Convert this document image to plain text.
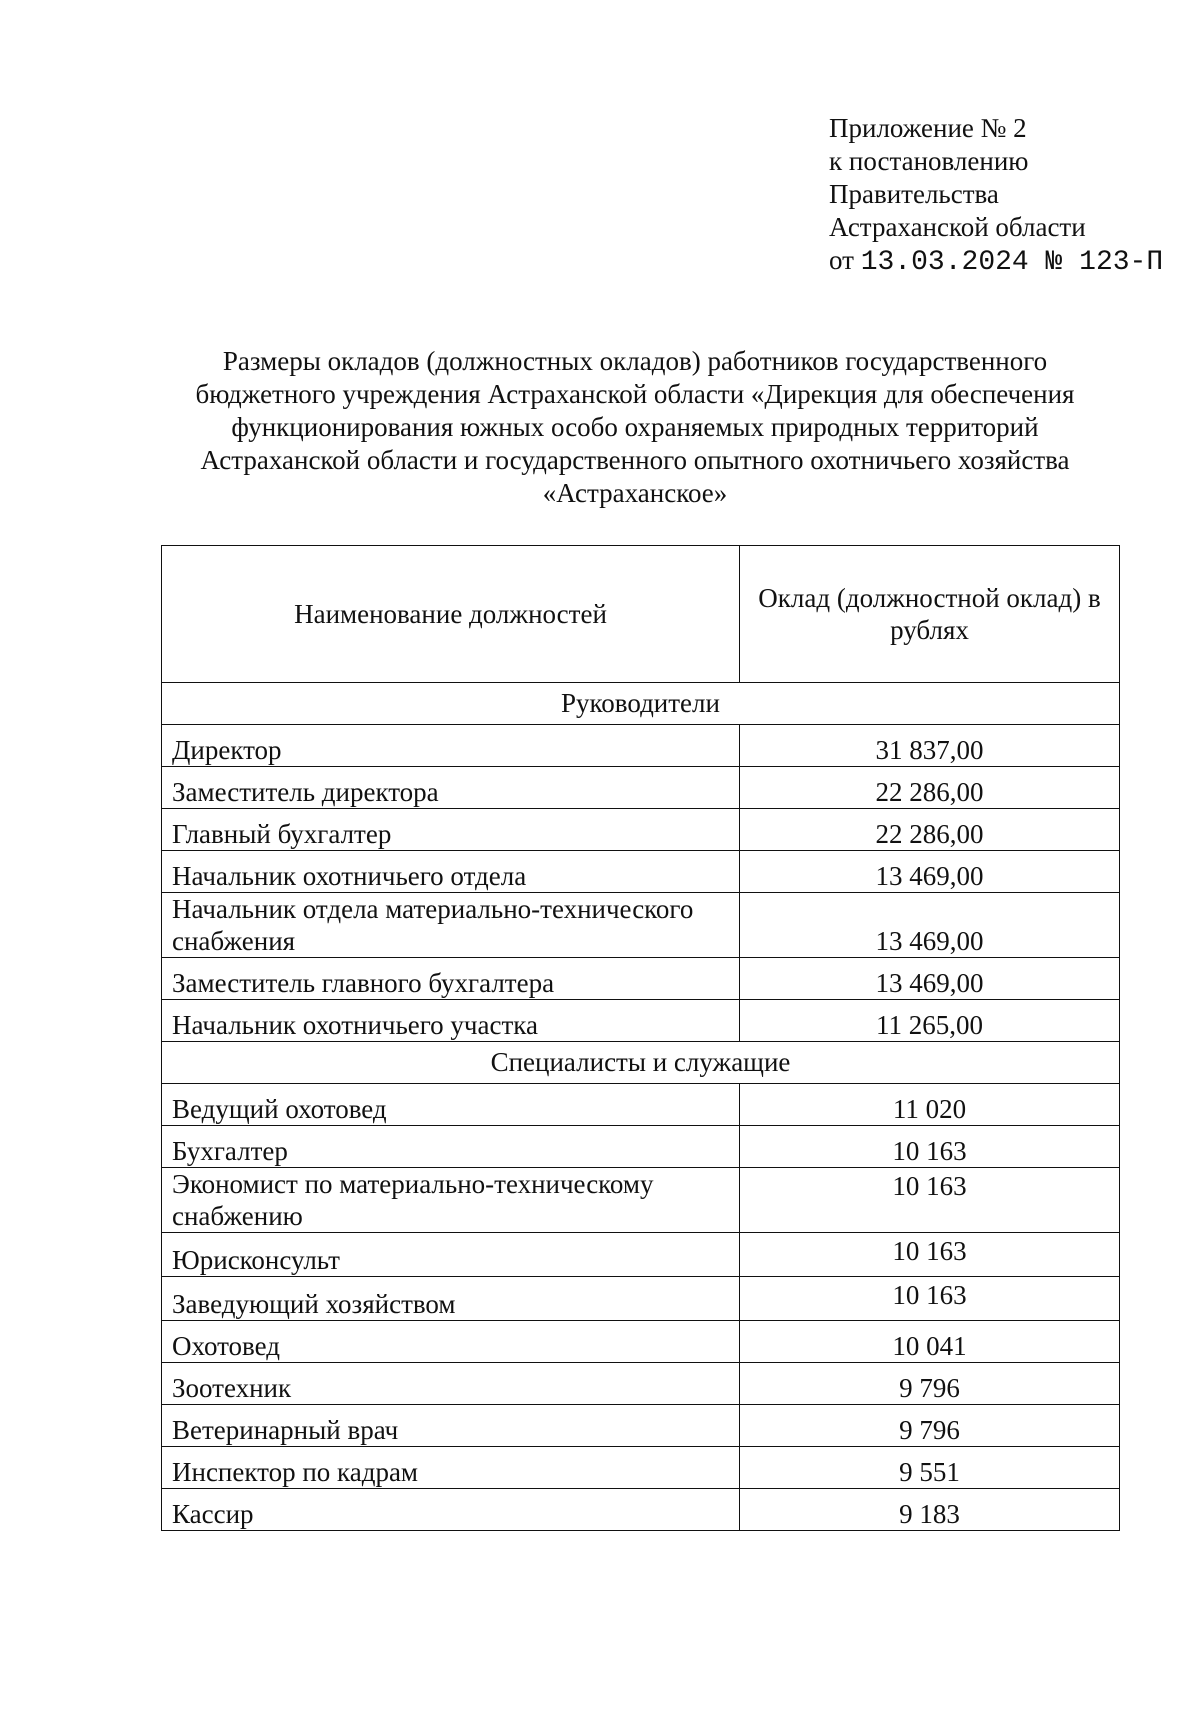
Приложение № 2
к постановлению
Правительства
Астраханской области
от 13.03.2024 № 123-П
Размеры окладов (должностных окладов) работников государственного бюджетного учреждения Астраханской области «Дирекция для обеспечения функционирования южных особо охраняемых природных территорий Астраханской области и государственного опытного охотничьего хозяйства «Астраханское»
Наименование должностей	Оклад (должностной оклад) в рублях
Руководители	
Директор	31 837,00
Заместитель директора	22 286,00
Главный бухгалтер	22 286,00
Начальник охотничьего отдела	13 469,00
Начальник отдела материально-технического снабжения	13 469,00
Заместитель главного бухгалтера	13 469,00
Начальник охотничьего участка	11 265,00
Специалисты и служащие	
Ведущий охотовед	11 020
Бухгалтер	10 163
Экономист по материально-техническому снабжению	10 163
Юрисконсульт	10 163
Заведующий хозяйством	10 163
Охотовед	10 041
Зоотехник	9 796
Ветеринарный врач	9 796
Инспектор по кадрам	9 551
Кассир	9 183
